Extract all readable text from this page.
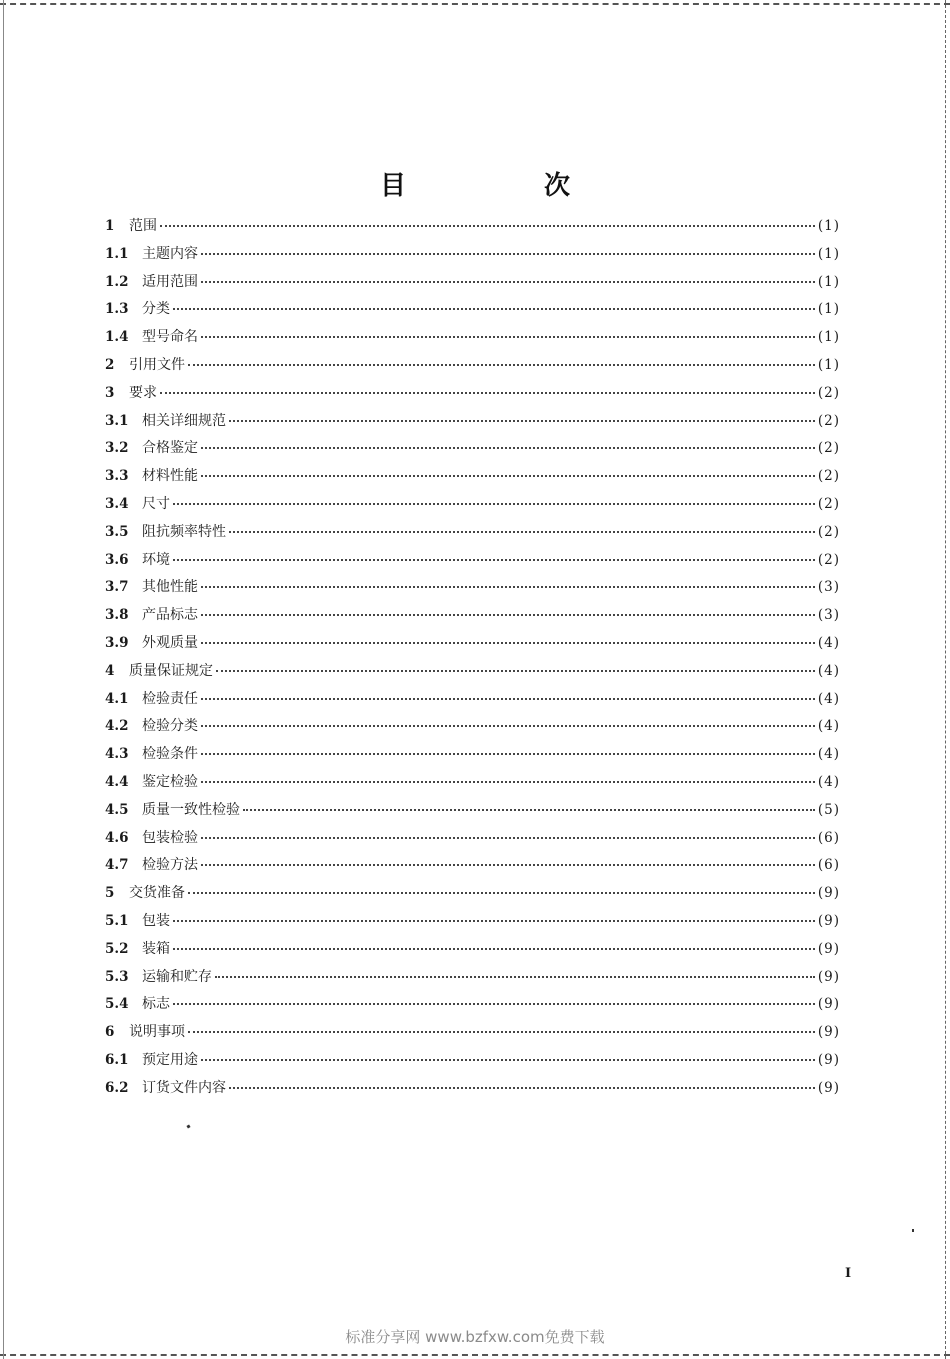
目　次
1	范围	(1)
1.1 主题内容	(1)
1.2 适用范围	(1)
1.3 分类	(1)
1.4 型号命名	(1)
2	引用文件	(1)
3	要求	(2)
3.1 相关详细规范	(2)
3.2 合格鉴定	(2)
3.3 材料性能	(2)
3.4 尺寸	(2)
3.5 阻抗频率特性	(2)
3.6 环境	(2)
3.7 其他性能	(3)
3.8 产品标志	(3)
3.9 外观质量	(4)
4	质量保证规定	(4)
4.1 检验责任	(4)
4.2 检验分类	(4)
4.3 检验条件	(4)
4.4 鉴定检验	(4)
4.5 质量一致性检验	(5)
4.6 包装检验	(6)
4.7 检验方法	(6)
5	交货准备	(9)
5.1 包装	(9)
5.2 装箱	(9)
5.3 运输和贮存	(9)
5.4 标志	(9)
6	说明事项	(9)
6.1 预定用途	(9)
6.2 订货文件内容	(9)
I
标准分享网 www.bzfxw.com免费下载
